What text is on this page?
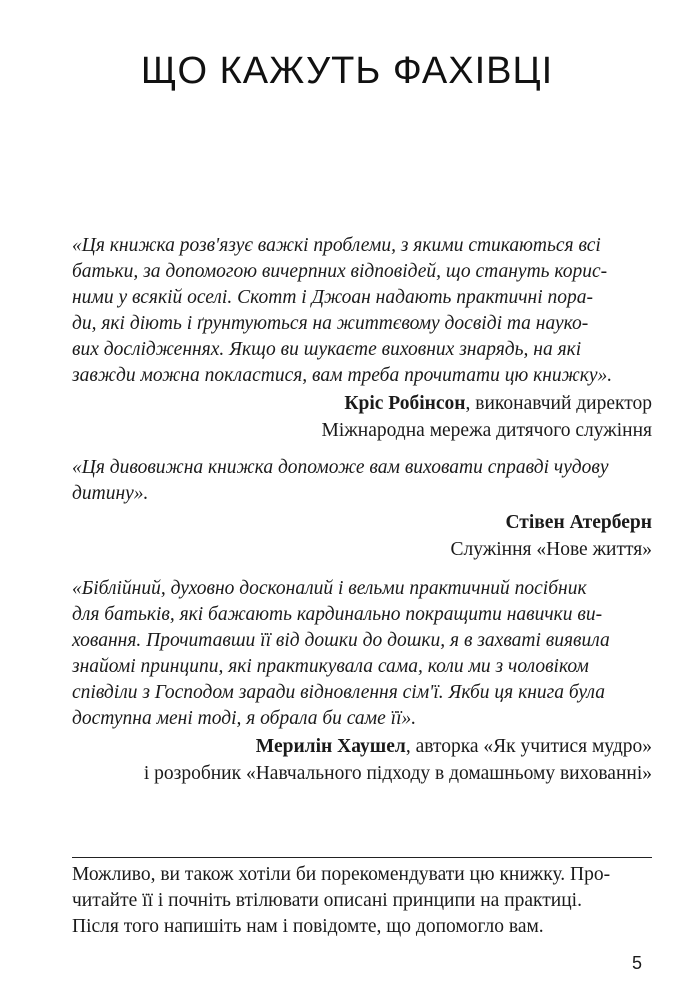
ЩО КАЖУТЬ ФАХІВЦІ
«Ця книжка розв'язує важкі проблеми, з якими стикаються всі
батьки, за допомогою вичерпних відповідей, що стануть корис-
ними у всякій оселі. Скотт і Джоан надають практичні пора-
ди, які діють і ґрунтуються на життєвому досвіді та науко-
вих дослідженнях. Якщо ви шукаєте виховних знарядь, на які
завжди можна покластися, вам треба прочитати цю книжку».
Кріс Робінсон, виконавчий директор
Міжнародна мережа дитячого служіння
«Ця дивовижна книжка допоможе вам виховати справді чудову
дитину».
Стівен Атерберн
Служіння «Нове життя»
«Біблійний, духовно досконалий і вельми практичний посібник
для батьків, які бажають кардинально покращити навички ви-
ховання. Прочитавши її від дошки до дошки, я в захваті виявила
знайомі принципи, які практикувала сама, коли ми з чоловіком
співділи з Господом заради відновлення сім'ї. Якби ця книга була
доступна мені тоді, я обрала би саме її».
Мерилін Хаушел, авторка «Як учитися мудро»
і розробник «Навчального підходу в домашньому вихованні»
Можливо, ви також хотіли би порекомендувати цю книжку. Про-
читайте її і почніть втілювати описані принципи на практиці.
Після того напишіть нам і повідомте, що допомогло вам.
5
